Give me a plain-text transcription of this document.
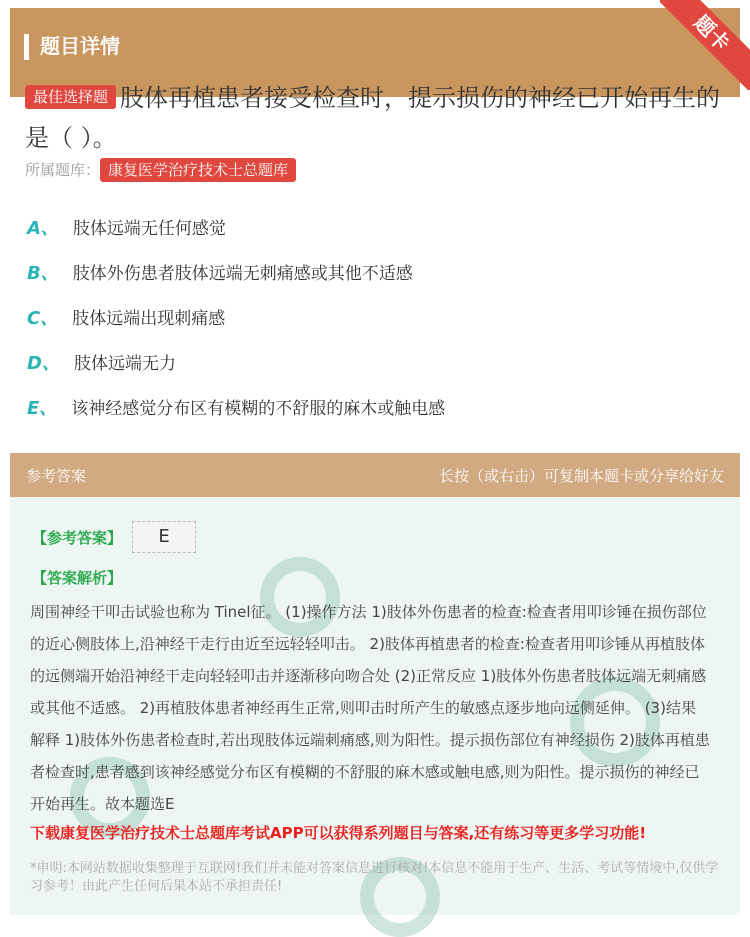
题目详情	题卡
最佳选择题 肢体再植患者接受检查时，提示损伤的神经已开始再生的是（ ）。
所属题库： 康复医学治疗技术士总题库
A、 肢体远端无任何感觉
B、 肢体外伤患者肢体远端无刺痛感或其他不适感
C、 肢体远端出现刺痛感
D、 肢体远端无力
E、 该神经感觉分布区有模糊的不舒服的麻木或触电感
参考答案	长按（或右击）可复制本题卡或分享给好友
【参考答案】	E
【答案解析】
周围神经干叩击试验也称为 Tinel征。 (1)操作方法 1)肢体外伤患者的检查:检查者用叩诊锤在损伤部位的近心侧肢体上,沿神经干走行由近至远轻轻叩击。 2)肢体再植患者的检查:检查者用叩诊锤从再植肢体的远侧端开始沿神经干走向轻轻叩击并逐渐移向吻合处 (2)正常反应 1)肢体外伤患者肢体远端无刺痛感或其他不适感。 2)再植肢体患者神经再生正常,则叩击时所产生的敏感点逐步地向远侧延伸。 (3)结果解释 1)肢体外伤患者检查时,若出现肢体远端刺痛感,则为阳性。提示损伤部位有神经损伤 2)肢体再植患者检查时,患者感到该神经感觉分布区有模糊的不舒服的麻木感或触电感,则为阳性。提示损伤的神经已开始再生。故本题选E
下载康复医学治疗技术士总题库考试APP可以获得系列题目与答案,还有练习等更多学习功能!
*申明:本网站数据收集整理于互联网!我们并未能对答案信息进行核对!本信息不能用于生产、生活、考试等情境中,仅供学习参考！由此产生任何后果本站不承担责任!
